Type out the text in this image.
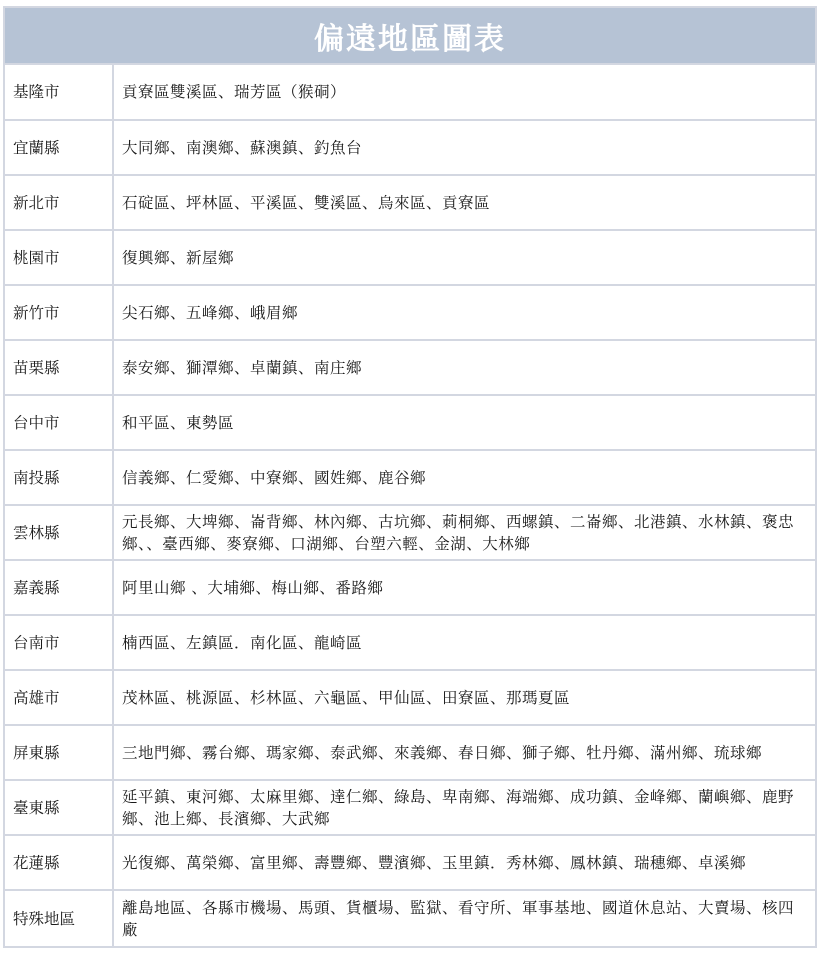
偏遠地區圖表
基隆市	貢寮區雙溪區、瑞芳區（猴硐）
宜蘭縣	大同鄉、南澳鄉、蘇澳鎮、釣魚台
新北市	石碇區、坪林區、平溪區、雙溪區、烏來區、貢寮區
桃園市	復興鄉、新屋鄉
新竹市	尖石鄉、五峰鄉、峨眉鄉
苗栗縣	泰安鄉、獅潭鄉、卓蘭鎮、南庄鄉
台中市	和平區、東勢區
南投縣	信義鄉、仁愛鄉、中寮鄉、國姓鄉、鹿谷鄉
雲林縣	元長鄉、大埤鄉、崙背鄉、林內鄉、古坑鄉、莿桐鄉、西螺鎮、二崙鄉、北港鎮、水林鎮、褒忠鄉、、臺西鄉、麥寮鄉、口湖鄉、台塑六輕、金湖、大林鄉
嘉義縣	阿里山鄉 、大埔鄉、梅山鄉、番路鄉
台南市	楠西區、左鎮區．南化區、龍崎區
高雄市	茂林區、桃源區、杉林區、六龜區、甲仙區、田寮區、那瑪夏區
屏東縣	三地門鄉、霧台鄉、瑪家鄉、泰武鄉、來義鄉、春日鄉、獅子鄉、牡丹鄉、滿州鄉、琉球鄉
臺東縣	延平鎮、東河鄉、太麻里鄉、達仁鄉、綠島、卑南鄉、海端鄉、成功鎮、金峰鄉、蘭嶼鄉、鹿野鄉、池上鄉、長濱鄉、大武鄉
花蓮縣	光復鄉、萬榮鄉、富里鄉、壽豐鄉、豐濱鄉、玉里鎮．秀林鄉、鳳林鎮、瑞穗鄉、卓溪鄉
特殊地區	離島地區、各縣市機場、馬頭、貨櫃場、監獄、看守所、軍事基地、國道休息站、大賣場、核四廠
